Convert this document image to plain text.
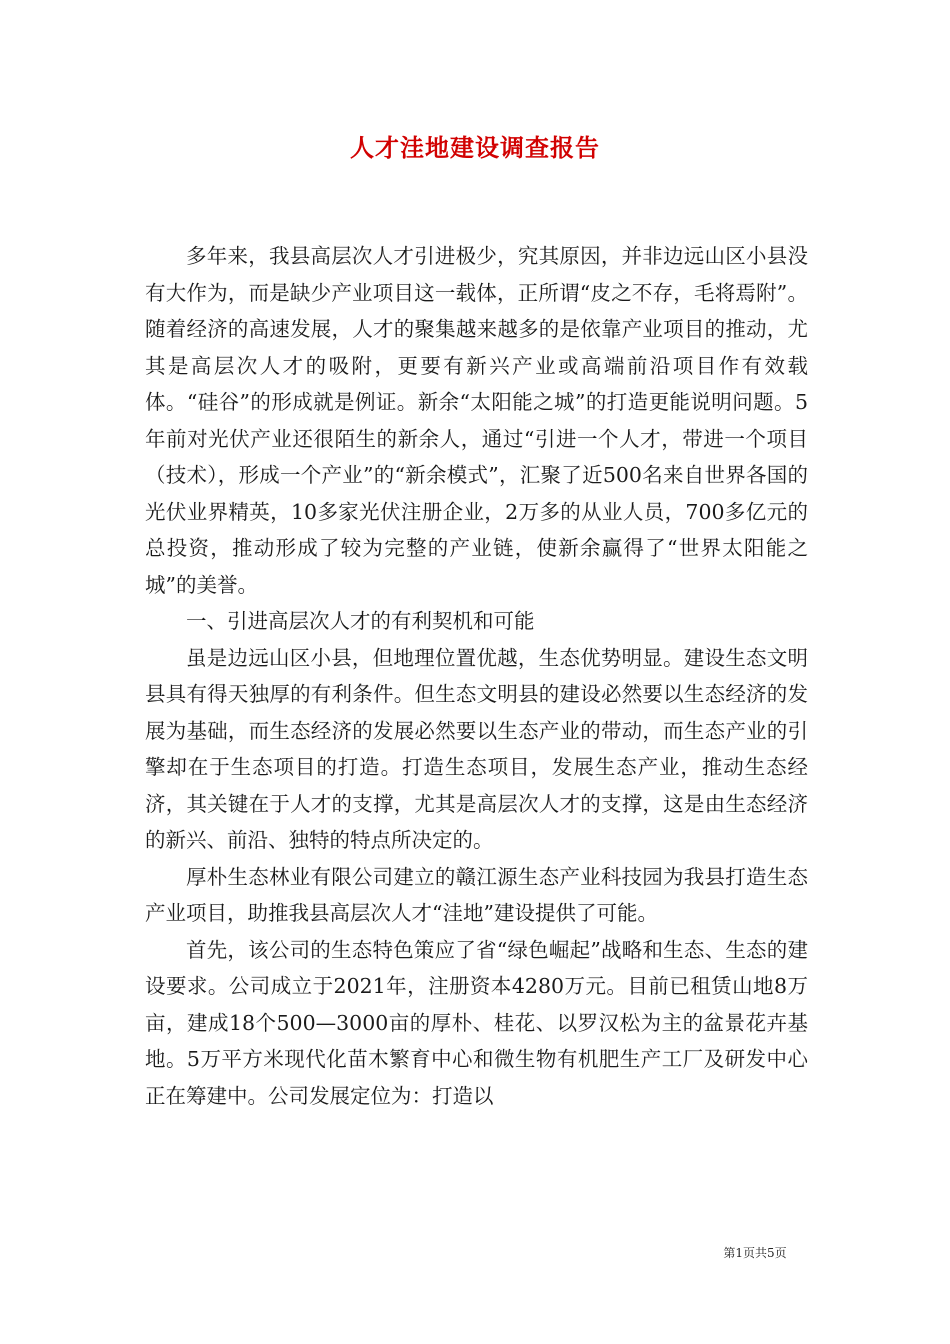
人才洼地建设调查报告

多年来，我县高层次人才引进极少，究其原因，并非边远山区小县没有大作为，而是缺少产业项目这一载体，正所谓“皮之不存，毛将焉附”。随着经济的高速发展，人才的聚集越来越多的是依靠产业项目的推动，尤其是高层次人才的吸附，更要有新兴产业或高端前沿项目作有效载体。“硅谷”的形成就是例证。新余“太阳能之城”的打造更能说明问题。5年前对光伏产业还很陌生的新余人，通过“引进一个人才，带进一个项目（技术），形成一个产业”的“新余模式”，汇聚了近500名来自世界各国的光伏业界精英，10多家光伏注册企业，2万多的从业人员，700多亿元的总投资，推动形成了较为完整的产业链，使新余赢得了“世界太阳能之城”的美誉。

一、引进高层次人才的有利契机和可能

虽是边远山区小县，但地理位置优越，生态优势明显。建设生态文明县具有得天独厚的有利条件。但生态文明县的建设必然要以生态经济的发展为基础，而生态经济的发展必然要以生态产业的带动，而生态产业的引擎却在于生态项目的打造。打造生态项目，发展生态产业，推动生态经济，其关键在于人才的支撑，尤其是高层次人才的支撑，这是由生态经济的新兴、前沿、独特的特点所决定的。

厚朴生态林业有限公司建立的赣江源生态产业科技园为我县打造生态产业项目，助推我县高层次人才“洼地”建设提供了可能。

首先，该公司的生态特色策应了省“绿色崛起”战略和生态、生态的建设要求。公司成立于2021年，注册资本4280万元。目前已租赁山地8万亩，建成18个500—3000亩的厚朴、桂花、以罗汉松为主的盆景花卉基地。5万平方米现代化苗木繁育中心和微生物有机肥生产工厂及研发中心正在筹建中。公司发展定位为：打造以

第1页共5页
